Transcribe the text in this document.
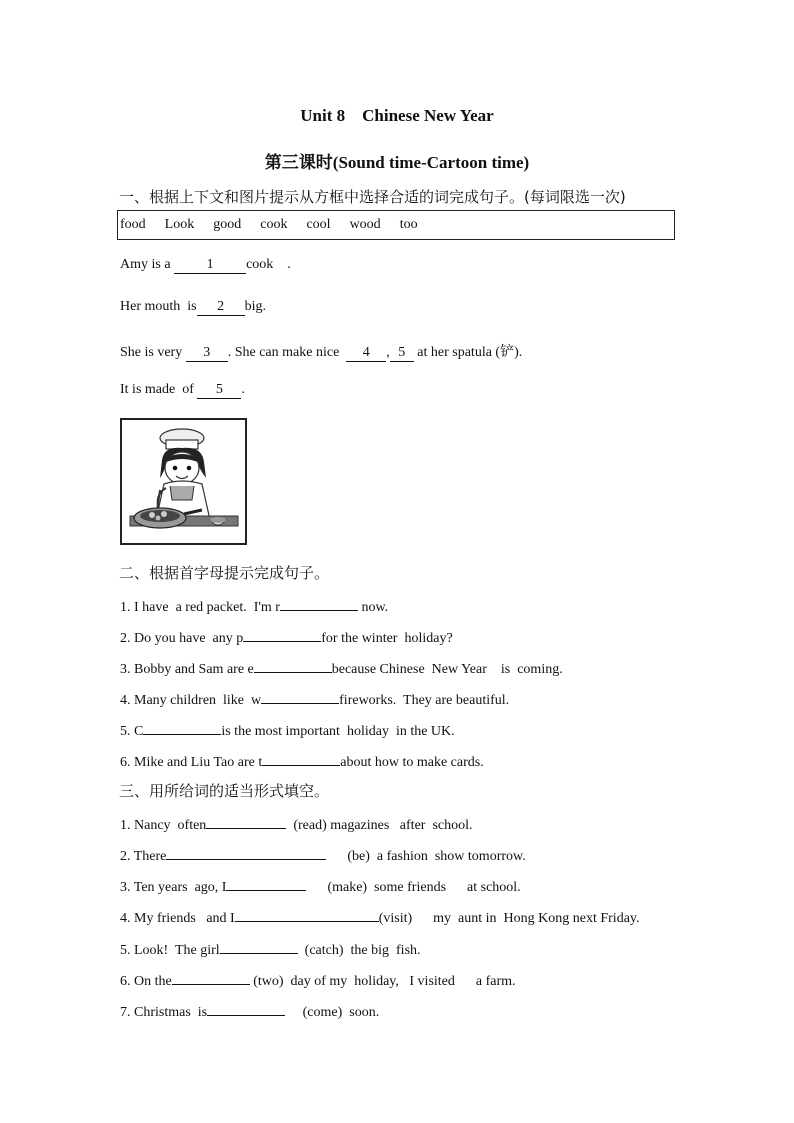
Unit 8    Chinese New Year
第三课时(Sound time-Cartoon time)
一、根据上下文和图片提示从方框中选择合适的词完成句子。(每词限选一次)
food Look good cook cool wood too
Amy is a	1 cook    .
Her mouth  is 2 big.
She is very 3 . She can make nice  4 , 5 at her spatula (铲).
It is made  of 5 .
二、根据首字母提示完成句子。
1. I have  a red packet.  I'm r	now.
2. Do you have  any p	for the winter  holiday?
3. Bobby and Sam are e	because Chinese  New Year    is  coming.
4. Many children  like  w	fireworks.  They are beautiful.
5. C	is the most important  holiday  in the UK.
6. Mike and Liu Tao are t	about how to make cards.
三、用所给词的适当形式填空。
1. Nancy  often	(read) magazines   after  school.
2. There	(be)  a fashion  show tomorrow.
3. Ten years  ago, I	(make)  some friends      at school.
4. My friends   and I	(visit)      my  aunt in  Hong Kong next Friday.
5. Look!  The girl	(catch)  the big  fish.
6. On the	(two)  day of my  holiday,   I visited      a farm.
7. Christmas  is	(come)  soon.
